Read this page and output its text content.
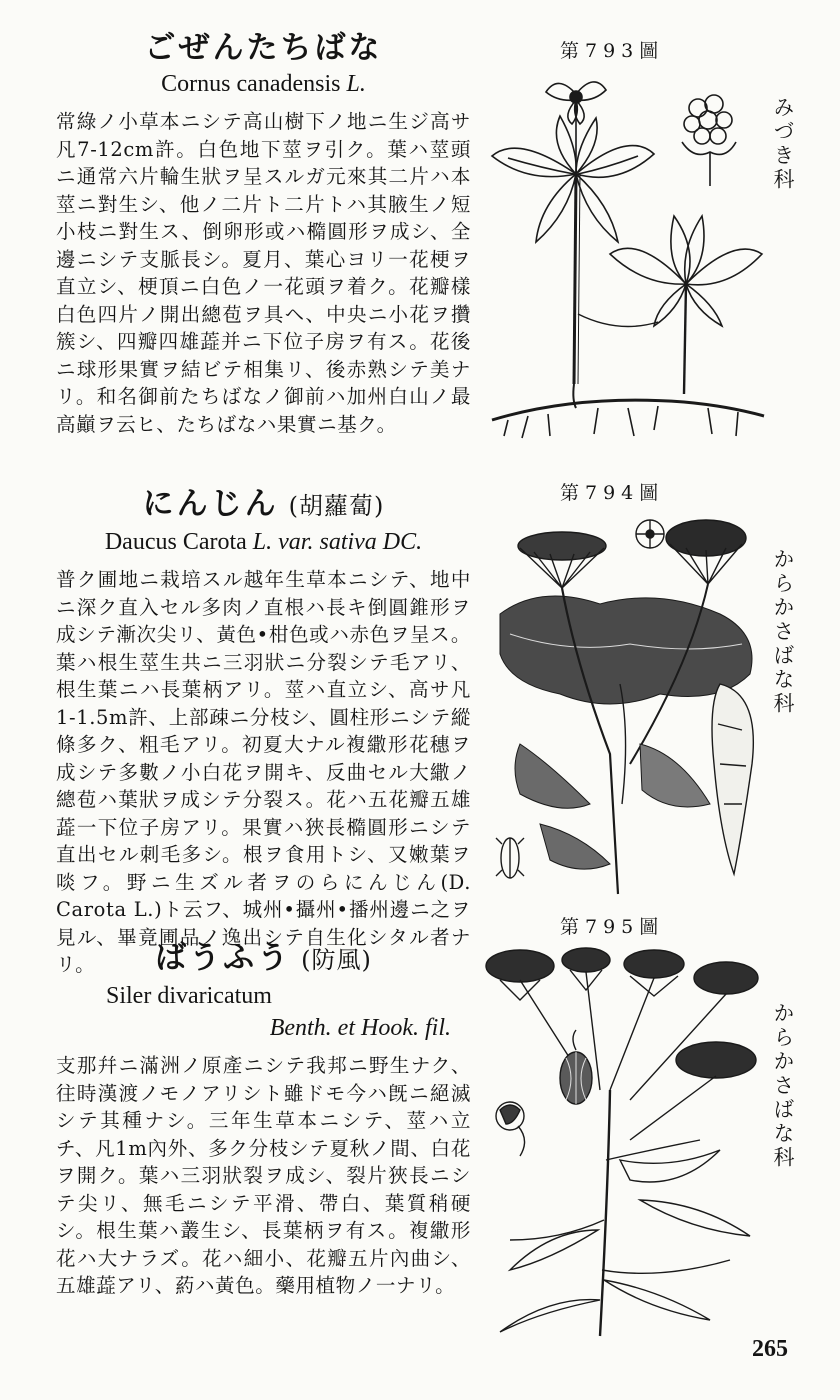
ごぜんたちばな

Cornus canadensis L.

常綠ノ小草本ニシテ高山樹下ノ地ニ生ジ高サ凡7-12cm許。白色地下莖ヲ引ク。葉ハ莖頭ニ通常六片輪生狀ヲ呈スルガ元來其二片ハ本莖ニ對生シ、他ノ二片ト二片トハ其腋生ノ短小枝ニ對生ス、倒卵形或ハ橢圓形ヲ成シ、全邊ニシテ支脈長シ。夏月、葉心ヨリ一花梗ヲ直立シ、梗頂ニ白色ノ一花頭ヲ着ク。花瓣樣白色四片ノ開出總苞ヲ具ヘ、中央ニ小花ヲ攢簇シ、四瓣四雄蕋并ニ下位子房ヲ有ス。花後ニ球形果實ヲ結ビテ相集リ、後赤熟シテ美ナリ。和名御前たちばなノ御前ハ加州白山ノ最高巓ヲ云ヒ、たちばなハ果實ニ基ク。

にんじん (胡蘿蔔)

Daucus Carota L. var. sativa DC.

普ク圃地ニ栽培スル越年生草本ニシテ、地中ニ深ク直入セル多肉ノ直根ハ長キ倒圓錐形ヲ成シテ漸次尖リ、黃色•柑色或ハ赤色ヲ呈ス。葉ハ根生莖生共ニ三羽狀ニ分裂シテ毛アリ、根生葉ニハ長葉柄アリ。莖ハ直立シ、高サ凡1-1.5m許、上部疎ニ分枝シ、圓柱形ニシテ縱條多ク、粗毛アリ。初夏大ナル複繖形花穗ヲ成シテ多數ノ小白花ヲ開キ、反曲セル大繖ノ總苞ハ葉狀ヲ成シテ分裂ス。花ハ五花瓣五雄蕋一下位子房アリ。果實ハ狹長橢圓形ニシテ直出セル刺毛多シ。根ヲ食用トシ、又嫩葉ヲ啖フ。野ニ生ズル者ヲのらにんじん(D. Carota L.)ト云フ、城州•攝州•播州邊ニ之ヲ見ル、畢竟圃品ノ逸出シテ自生化シタル者ナリ。	ばうふう (防風)

Siler divaricatum

Benth. et Hook. fil.

支那幷ニ滿洲ノ原產ニシテ我邦ニ野生ナク、往時漢渡ノモノアリシト雖ドモ今ハ旣ニ絕滅シテ其種ナシ。三年生草本ニシテ、莖ハ立チ、凡1m內外、多ク分枝シテ夏秋ノ間、白花ヲ開ク。葉ハ三羽狀裂ヲ成シ、裂片狹長ニシテ尖リ、無毛ニシテ平滑、帶白、葉質稍硬シ。根生葉ハ叢生シ、長葉柄ヲ有ス。複繖形花ハ大ナラズ。花ハ細小、花瓣五片內曲シ、五雄蕋アリ、葯ハ黃色。藥用植物ノ一ナリ。

第793圖
第794圖
第795圖
みづき科
からかさばな科
からかさばな科
265
